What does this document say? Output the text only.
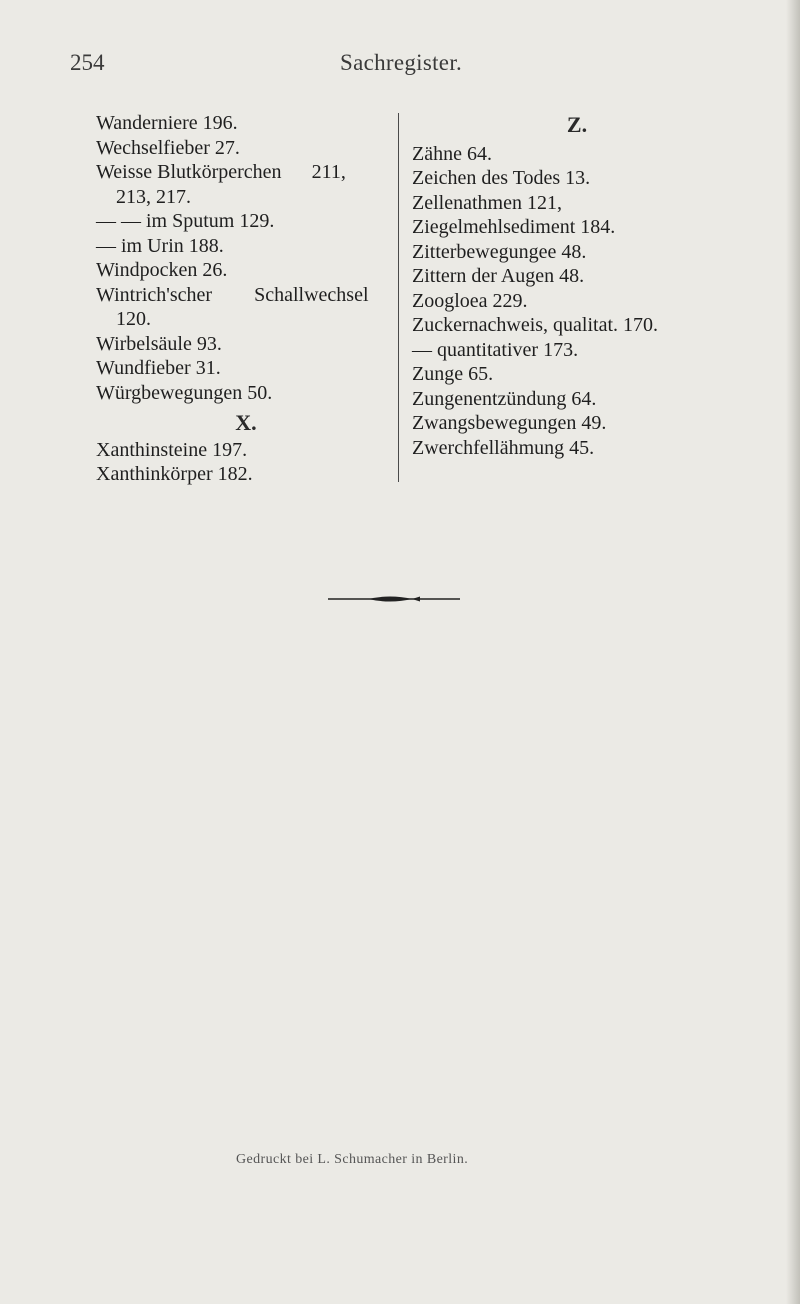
254	Sachregister.

Wanderniere 196.

Wechselfieber 27.

Weisse Blutkörperchen 211,
213, 217.

— — im Sputum 129.

— im Urin 188.

Windpocken 26.

Wintrich'scher Schallwechsel
120.

Wirbelsäule 93.

Wundfieber 31.

Würgbewegungen 50.

X.

Xanthinsteine 197.

Xanthinkörper 182.

Z.

Zähne 64.

Zeichen des Todes 13.

Zellenathmen 121,

Ziegelmehlsediment 184.

Zitterbewegungee 48.

Zittern der Augen 48.

Zoogloea 229.

Zuckernachweis, qualitat. 170.

— quantitativer 173.

Zunge 65.

Zungenentzündung 64.

Zwangsbewegungen 49.

Zwerchfellähmung 45.

Gedruckt bei L. Schumacher in Berlin.
